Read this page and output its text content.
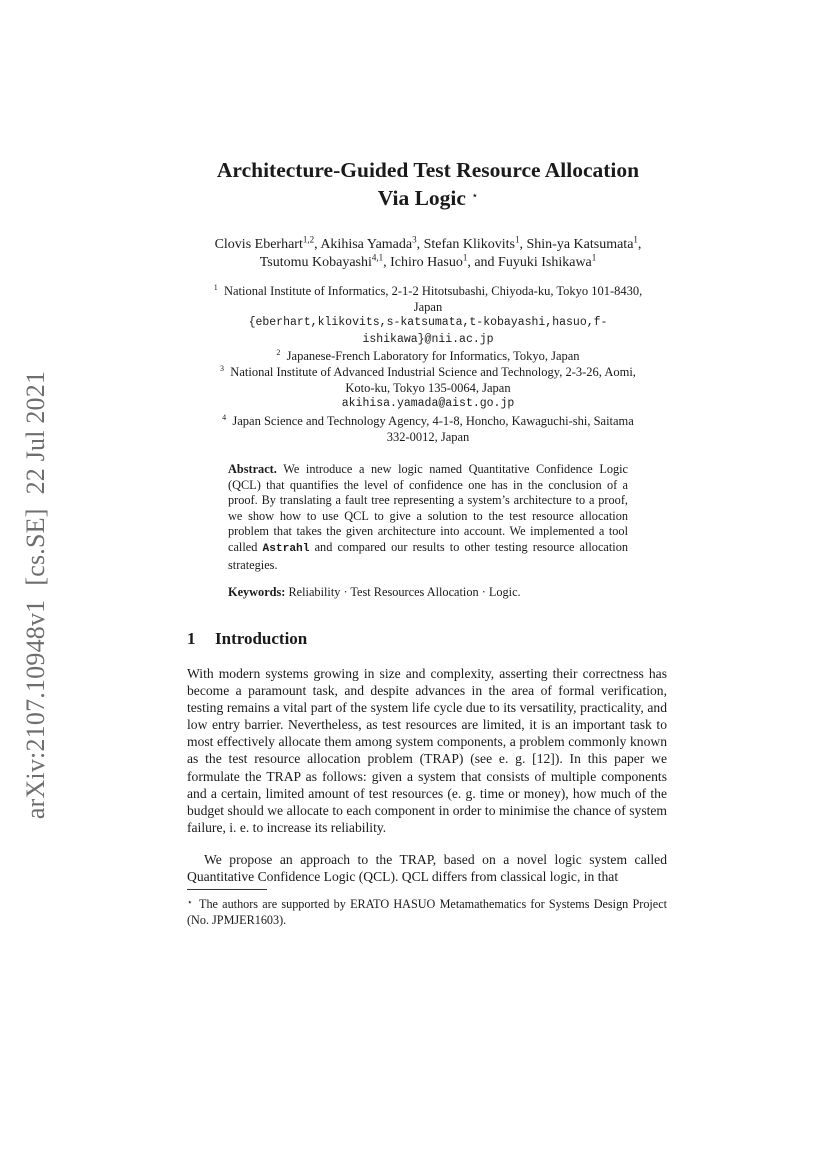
arXiv:2107.10948v1[cs.SE]22 Jul 2021
Architecture-Guided Test Resource Allocation
Via Logic ⋆
Clovis Eberhart$^{1,2}$, Akihisa Yamada$^3$, Stefan Klikovits$^1$, Shin-ya Katsumata$^1$,
Tsutomu Kobayashi$^{4,1}$, Ichiro Hasuo$^1$, and Fuyuki Ishikawa$^1$
$^1$ National Institute of Informatics, 2-1-2 Hitotsubashi, Chiyoda-ku, Tokyo 101-8430,
Japan
{eberhart,klikovits,s-katsumata,t-kobayashi,hasuo,f-ishikawa}@nii.ac.jp
$^2$ Japanese-French Laboratory for Informatics, Tokyo, Japan
$^3$ National Institute of Advanced Industrial Science and Technology, 2-3-26, Aomi,
Koto-ku, Tokyo 135-0064, Japan
akihisa.yamada@aist.go.jp
$^4$ Japan Science and Technology Agency, 4-1-8, Honcho, Kawaguchi-shi, Saitama
332-0012, Japan
Abstract. We introduce a new logic named Quantitative Confidence Logic (QCL) that quantifies the level of confidence one has in the conclusion of a proof. By translating a fault tree representing a system’s architecture to a proof, we show how to use QCL to give a solution to the test resource allocation problem that takes the given architecture into account. We implemented a tool called Astrahl and compared our results to other testing resource allocation strategies.
Keywords: Reliability · Test Resources Allocation · Logic.
1 Introduction
With modern systems growing in size and complexity, asserting their correctness has become a paramount task, and despite advances in the area of formal verification, testing remains a vital part of the system life cycle due to its versatility, practicality, and low entry barrier. Nevertheless, as test resources are limited, it is an important task to most effectively allocate them among system components, a problem commonly known as the test resource allocation problem (TRAP) (see e. g. [12]). In this paper we formulate the TRAP as follows: given a system that consists of multiple components and a certain, limited amount of test resources (e. g. time or money), how much of the budget should we allocate to each component in order to minimise the chance of system failure, i. e. to increase its reliability.
We propose an approach to the TRAP, based on a novel logic system called Quantitative Confidence Logic (QCL). QCL differs from classical logic, in that
⋆ The authors are supported by ERATO HASUO Metamathematics for Systems Design Project (No. JPMJER1603).
